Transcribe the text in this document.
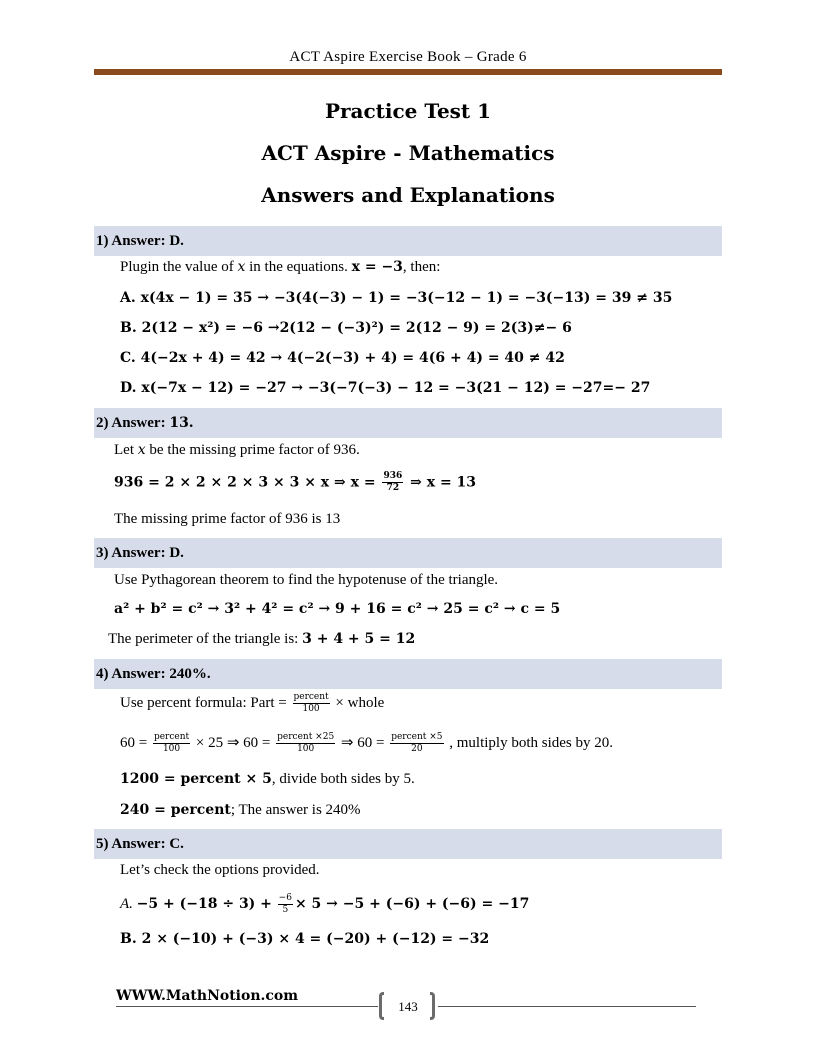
ACT Aspire Exercise Book – Grade 6
Practice Test 1
ACT Aspire - Mathematics
Answers and Explanations
1) Answer: D.
Plugin the value of x in the equations. x = −3, then:
A. x(4x − 1) = 35 → −3(4(−3) − 1) = −3(−12 − 1) = −3(−13) = 39 ≠ 35
B. 2(12 − x²) = −6 →2(12 − (−3)²) = 2(12 − 9) = 2(3)≠− 6
C. 4(−2x + 4) = 42 → 4(−2(−3) + 4) = 4(6 + 4) = 40 ≠ 42
D. x(−7x − 12) = −27 → −3(−7(−3) − 12 = −3(21 − 12) = −27=− 27
2) Answer: 13.
Let x be the missing prime factor of 936.
936 = 2 × 2 × 2 × 3 × 3 × x ⇒ $x = \frac{936}{72}$ ⇒ x = 13
The missing prime factor of 936 is 13
3) Answer: D.
Use Pythagorean theorem to find the hypotenuse of the triangle.
a² + b² = c² → 3² + 4² = c² → 9 + 16 = c² → 25 = c² → c = 5
The perimeter of the triangle is: 3 + 4 + 5 = 12
4) Answer: 240%.
Use percent formula: Part = $\frac{\text{percent}}{100}$ × whole
$60 = \frac{\text{percent}}{100} \times 25$ ⇒ $60 = \frac{\text{percent ×25}}{100}$ ⇒ $60 = \frac{\text{percent ×5}}{20}$ , multiply both sides by 20.
1200 = percent × 5, divide both sides by 5.
240 = percent; The answer is 240%
5) Answer: C.
Let’s check the options provided.
A. $-5 + (-18 \div 3) + \frac{-6}{5} \times 5 \to -5 + (-6) + (-6) = -17$
B. 2 × (−10) + (−3) × 4 = (−20) + (−12) = −32
WWW.MathNotion.com
143
